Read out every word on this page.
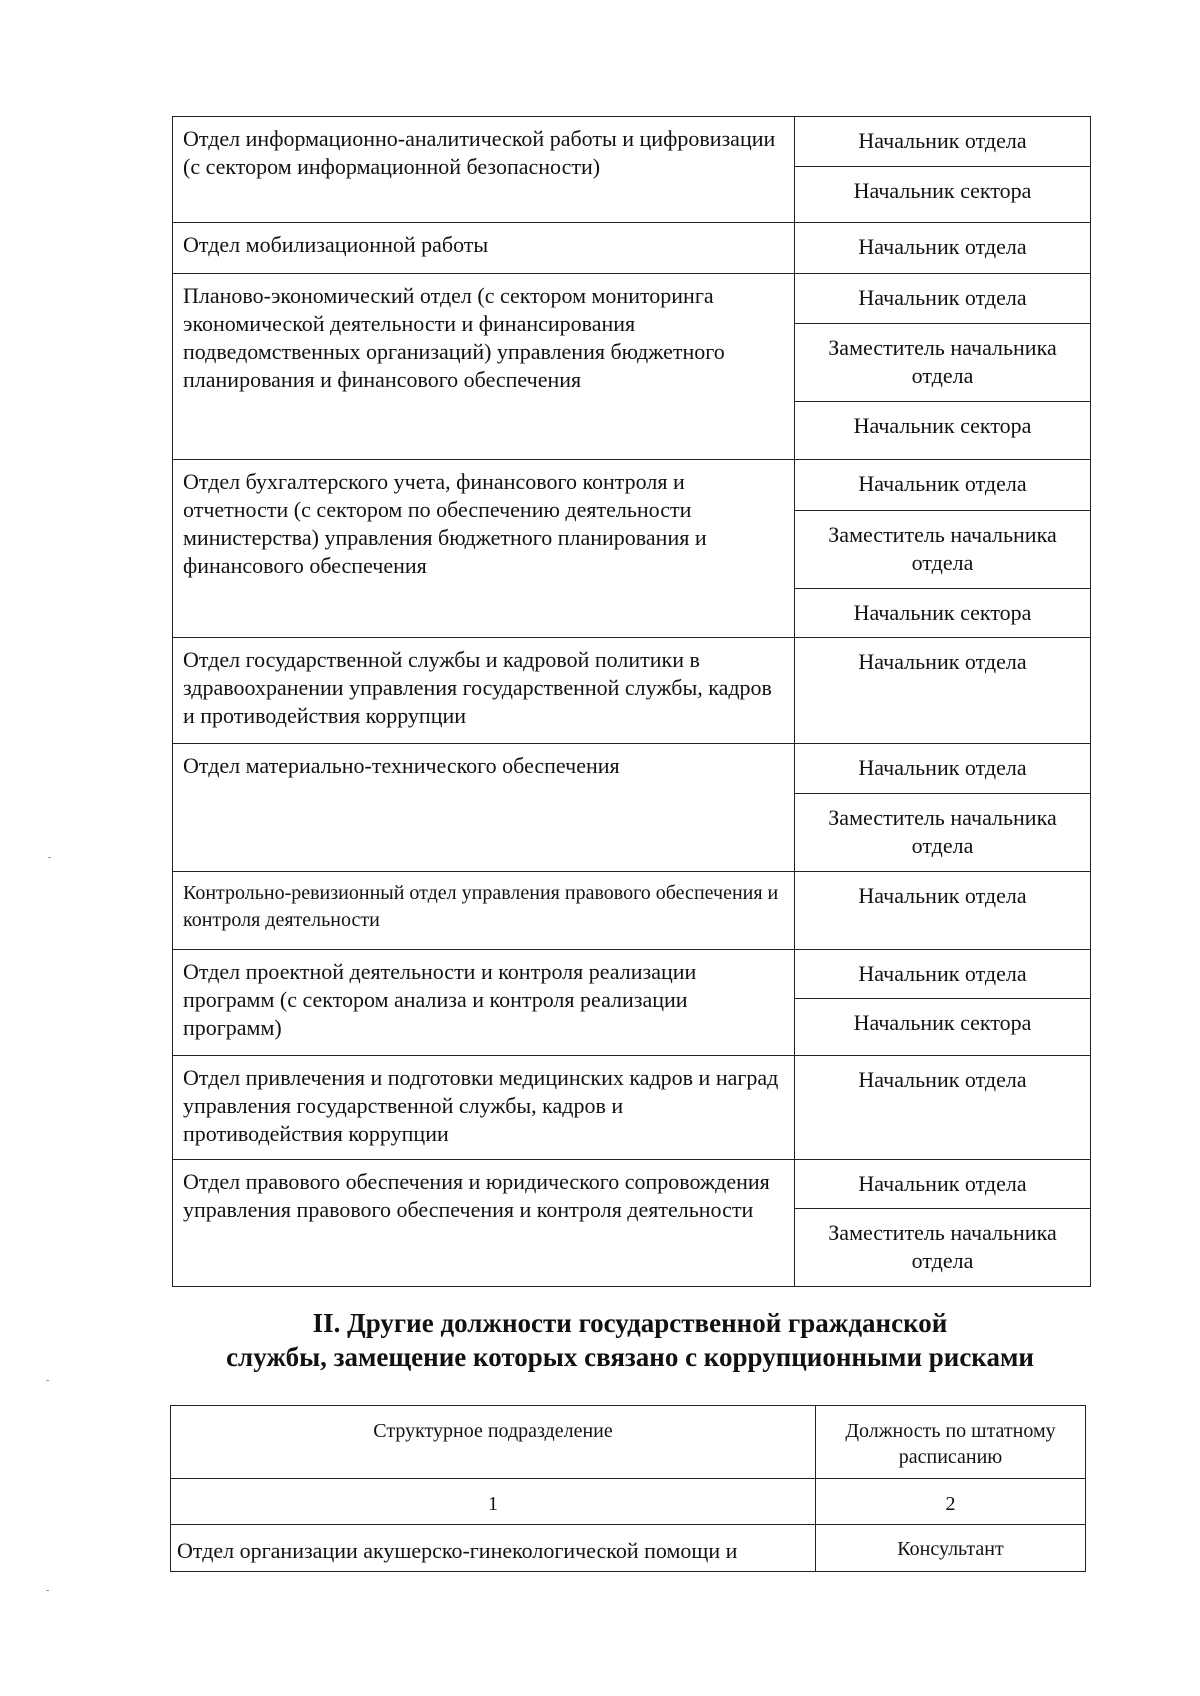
Отдел информационно-аналитической работы и цифровизации (с сектором информационной безопасности)	Начальник отдела
	Начальник сектора
Отдел мобилизационной работы	Начальник отдела
Планово-экономический отдел (с сектором мониторинга экономической деятельности и финансирования подведомственных организаций) управления бюджетного планирования и финансового обеспечения	Начальник отдела
	Заместитель начальника отдела
	Начальник сектора
Отдел бухгалтерского учета, финансового контроля и отчетности (с сектором по обеспечению деятельности министерства) управления бюджетного планирования и финансового обеспечения	Начальник отдела
	Заместитель начальника отдела
	Начальник сектора
Отдел государственной службы и кадровой политики в здравоохранении управления государственной службы, кадров и противодействия коррупции	Начальник отдела
Отдел материально-технического обеспечения	Начальник отдела
	Заместитель начальника отдела
Контрольно-ревизионный отдел управления правового обеспечения и контроля деятельности	Начальник отдела
Отдел проектной деятельности и контроля реализации программ (с сектором анализа и контроля реализации программ)	Начальник отдела
	Начальник сектора
Отдел привлечения и подготовки медицинских кадров и наград управления государственной службы, кадров и противодействия коррупции	Начальник отдела
Отдел правового обеспечения и юридического сопровождения управления правового обеспечения и контроля деятельности	Начальник отдела
	Заместитель начальника отдела
II. Другие должности государственной гражданской
службы, замещение которых связано с коррупционными рисками
Структурное подразделение	Должность по штатному расписанию
1	2
Отдел организации акушерско-гинекологической помощи и	Консультант
